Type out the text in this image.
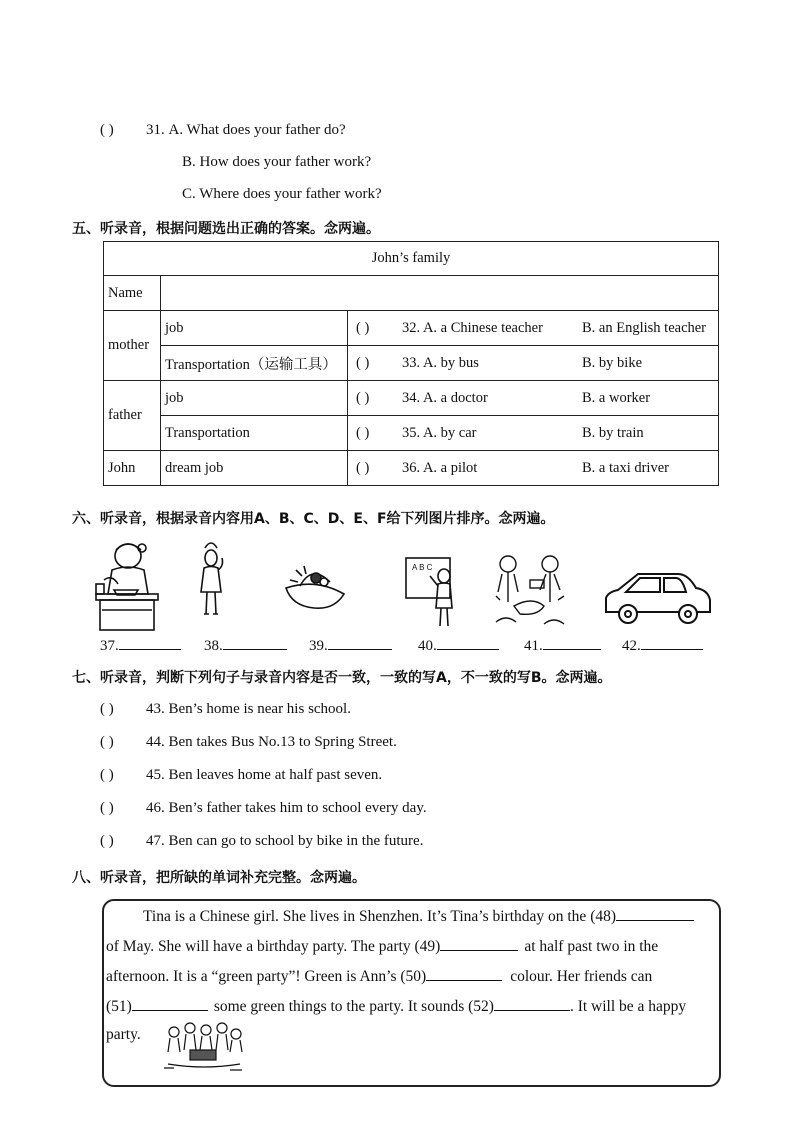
( ) 31. A. What does your father do?
B. How does your father work?
C. Where does your father work?
五、听录音，根据问题选出正确的答案。念两遍。
John’s family		
Name		
mother	job	( ) 32. A. a Chinese teacher B. an English teacher
	Transportation（运输工具）	( ) 33. A. by bus B. by bike
father	job	( ) 34. A. a doctor B. a worker
	Transportation	( ) 35. A. by car B. by train
John	dream job	( ) 36. A. a pilot B. a taxi driver
六、听录音，根据录音内容用A、B、C、D、E、F给下列图片排序。念两遍。
A B C
37.	38.	39.	40.	41.	42.
七、听录音，判断下列句子与录音内容是否一致，一致的写A，不一致的写B。念两遍。
( ) 43. Ben’s home is near his school.
( ) 44. Ben takes Bus No.13 to Spring Street.
( ) 45. Ben leaves home at half past seven.
( ) 46. Ben’s father takes him to school every day.
( ) 47. Ben can go to school by bike in the future.
八、听录音，把所缺的单词补充完整。念两遍。
Tina is a Chinese girl. She lives in Shenzhen. It’s Tina’s birthday on the (48)
of May. She will have a birthday party. The party (49)	at half past two in the
afternoon. It is a “green party”! Green is Ann’s (50)	colour. Her friends can
(51)	some green things to the party. It sounds (52)	. It will be a happy
party.
